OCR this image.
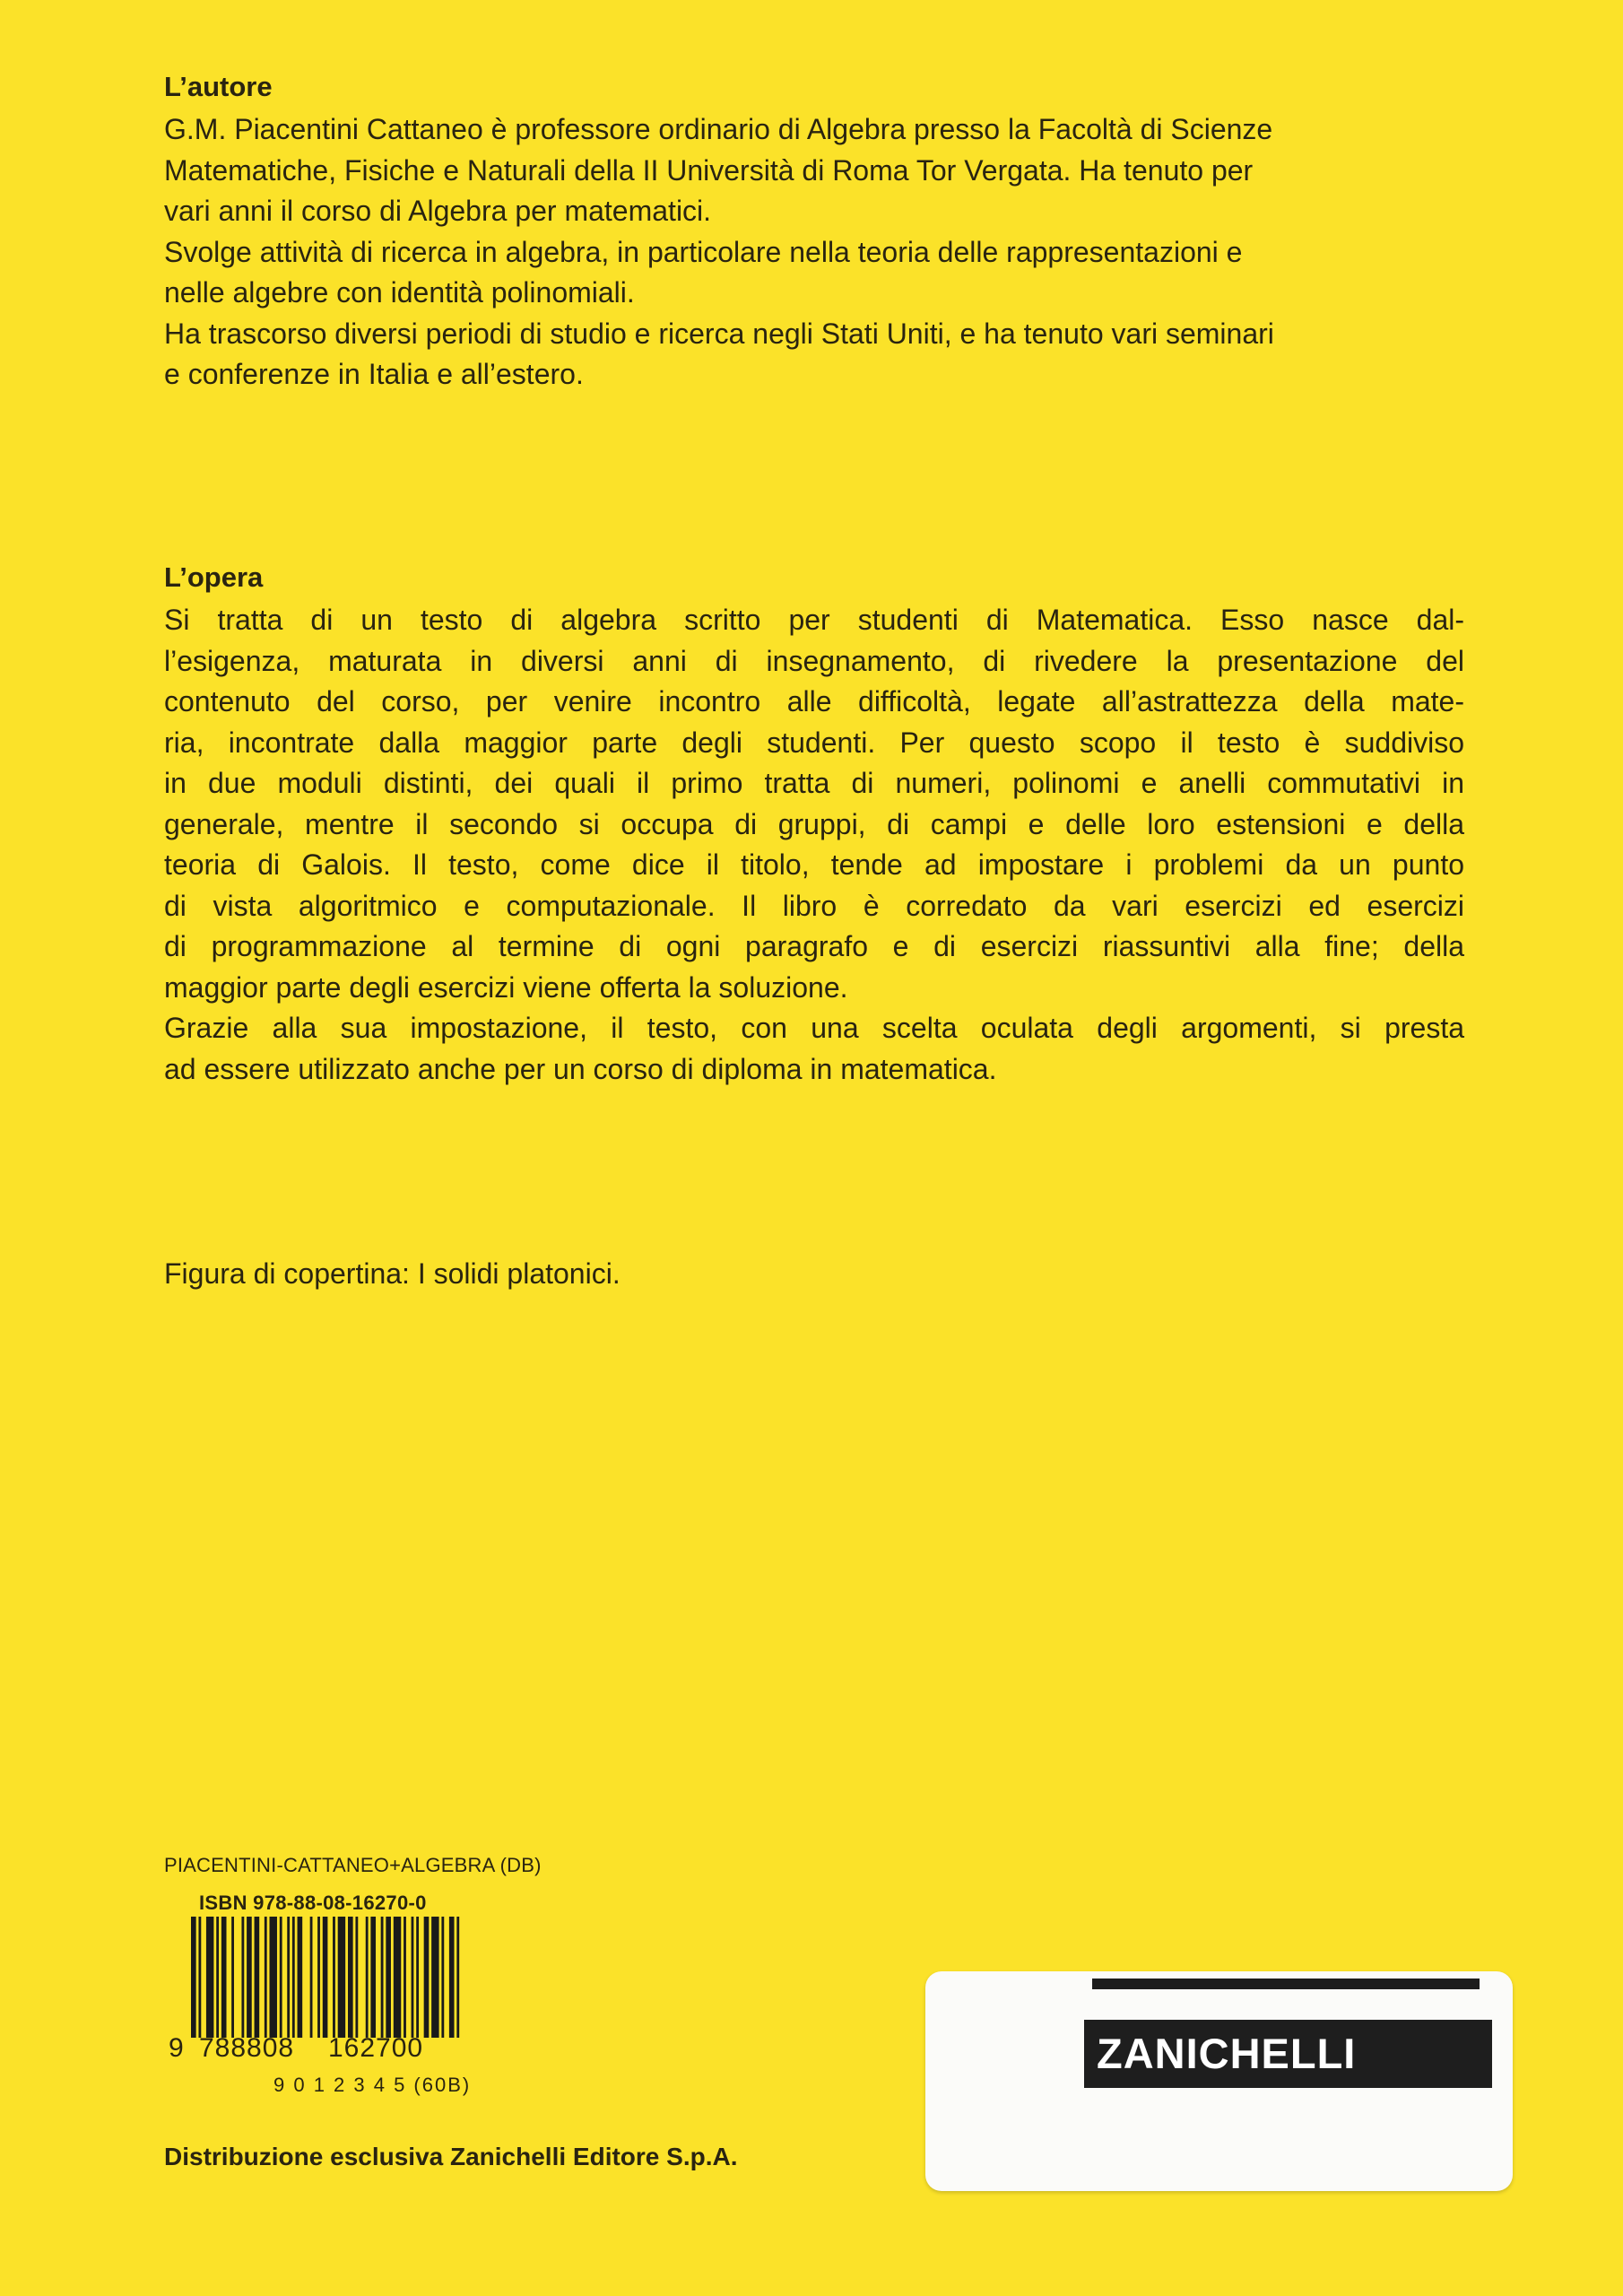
L’autore

G.M. Piacentini Cattaneo è professore ordinario di Algebra presso la Facoltà di Scienze
Matematiche, Fisiche e Naturali della II Università di Roma Tor Vergata. Ha tenuto per
vari anni il corso di Algebra per matematici.
Svolge attività di ricerca in algebra, in particolare nella teoria delle rappresentazioni e
nelle algebre con identità polinomiali.
Ha trascorso diversi periodi di studio e ricerca negli Stati Uniti, e ha tenuto vari seminari
e conferenze in Italia e all’estero.

L’opera

Si tratta di un testo di algebra scritto per studenti di Matematica. Esso nasce dal-
l’esigenza, maturata in diversi anni di insegnamento, di rivedere la presentazione del
contenuto del corso, per venire incontro alle difficoltà, legate all’astrattezza della mate-
ria, incontrate dalla maggior parte degli studenti. Per questo scopo il testo è suddiviso
in due moduli distinti, dei quali il primo tratta di numeri, polinomi e anelli commutativi in
generale, mentre il secondo si occupa di gruppi, di campi e delle loro estensioni e della
teoria di Galois. Il testo, come dice il titolo, tende ad impostare i problemi da un punto
di vista algoritmico e computazionale. Il libro è corredato da vari esercizi ed esercizi
di programmazione al termine di ogni paragrafo e di esercizi riassuntivi alla fine; della
maggior parte degli esercizi viene offerta la soluzione.
Grazie alla sua impostazione, il testo, con una scelta oculata degli argomenti, si presta
ad essere utilizzato anche per un corso di diploma in matematica.

Figura di copertina: I solidi platonici.
PIACENTINI-CATTANEO+ALGEBRA (DB)
ISBN 978-88-08-16270-0
9 788808 162700
9 0 1 2 3 4 5 (60B)
Distribuzione esclusiva Zanichelli Editore S.p.A.
ZANICHELLI
